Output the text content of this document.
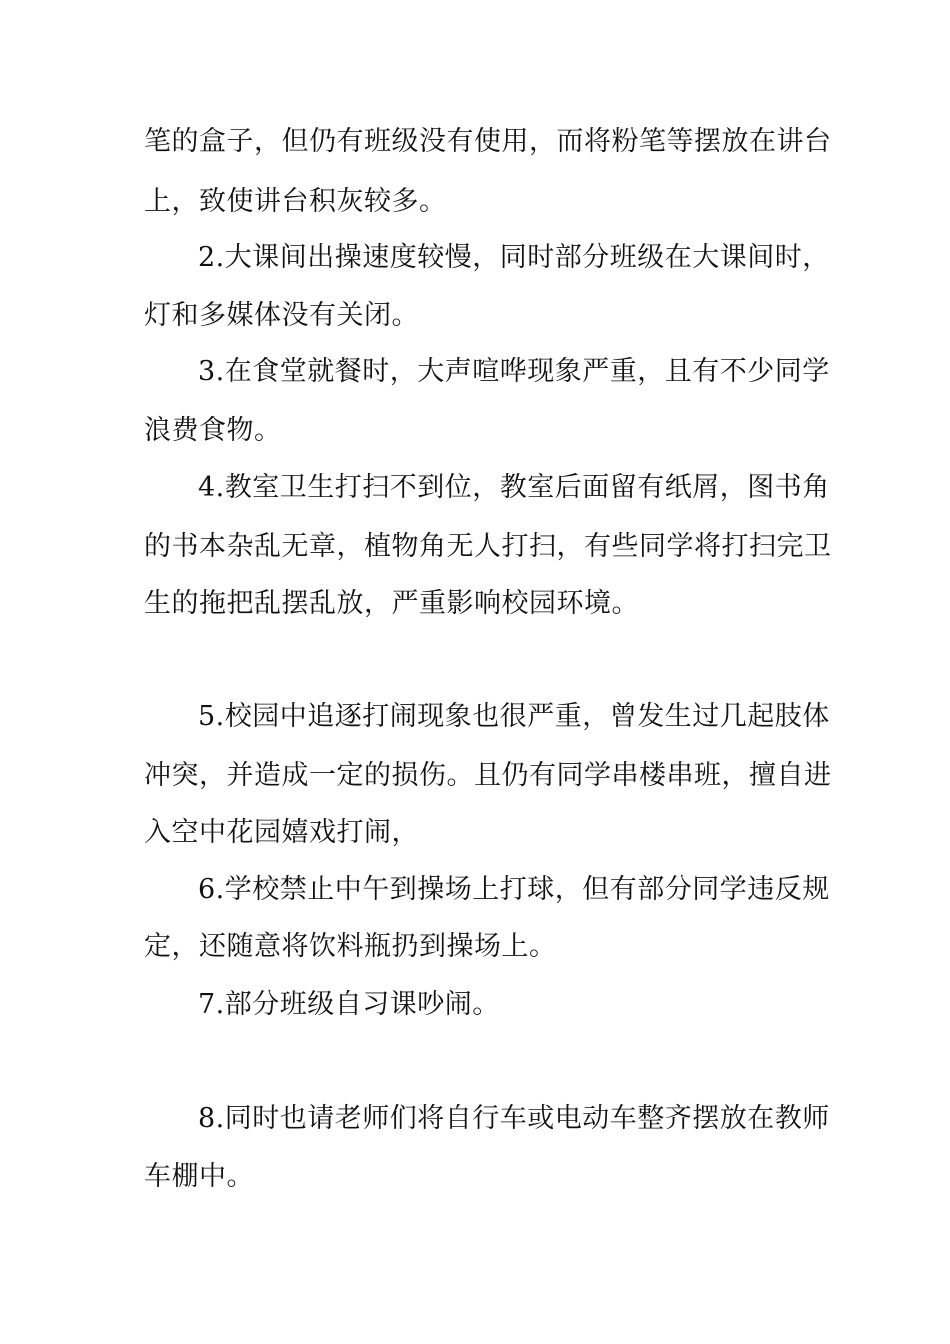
笔的盒子，但仍有班级没有使用，而将粉笔等摆放在讲台
上，致使讲台积灰较多。
2.大课间出操速度较慢，同时部分班级在大课间时，
灯和多媒体没有关闭。
3.在食堂就餐时，大声喧哗现象严重，且有不少同学
浪费食物。
4.教室卫生打扫不到位，教室后面留有纸屑，图书角
的书本杂乱无章，植物角无人打扫，有些同学将打扫完卫
生的拖把乱摆乱放，严重影响校园环境。
5.校园中追逐打闹现象也很严重，曾发生过几起肢体
冲突，并造成一定的损伤。且仍有同学串楼串班，擅自进
入空中花园嬉戏打闹，
6.学校禁止中午到操场上打球，但有部分同学违反规
定，还随意将饮料瓶扔到操场上。
7.部分班级自习课吵闹。
8.同时也请老师们将自行车或电动车整齐摆放在教师
车棚中。
